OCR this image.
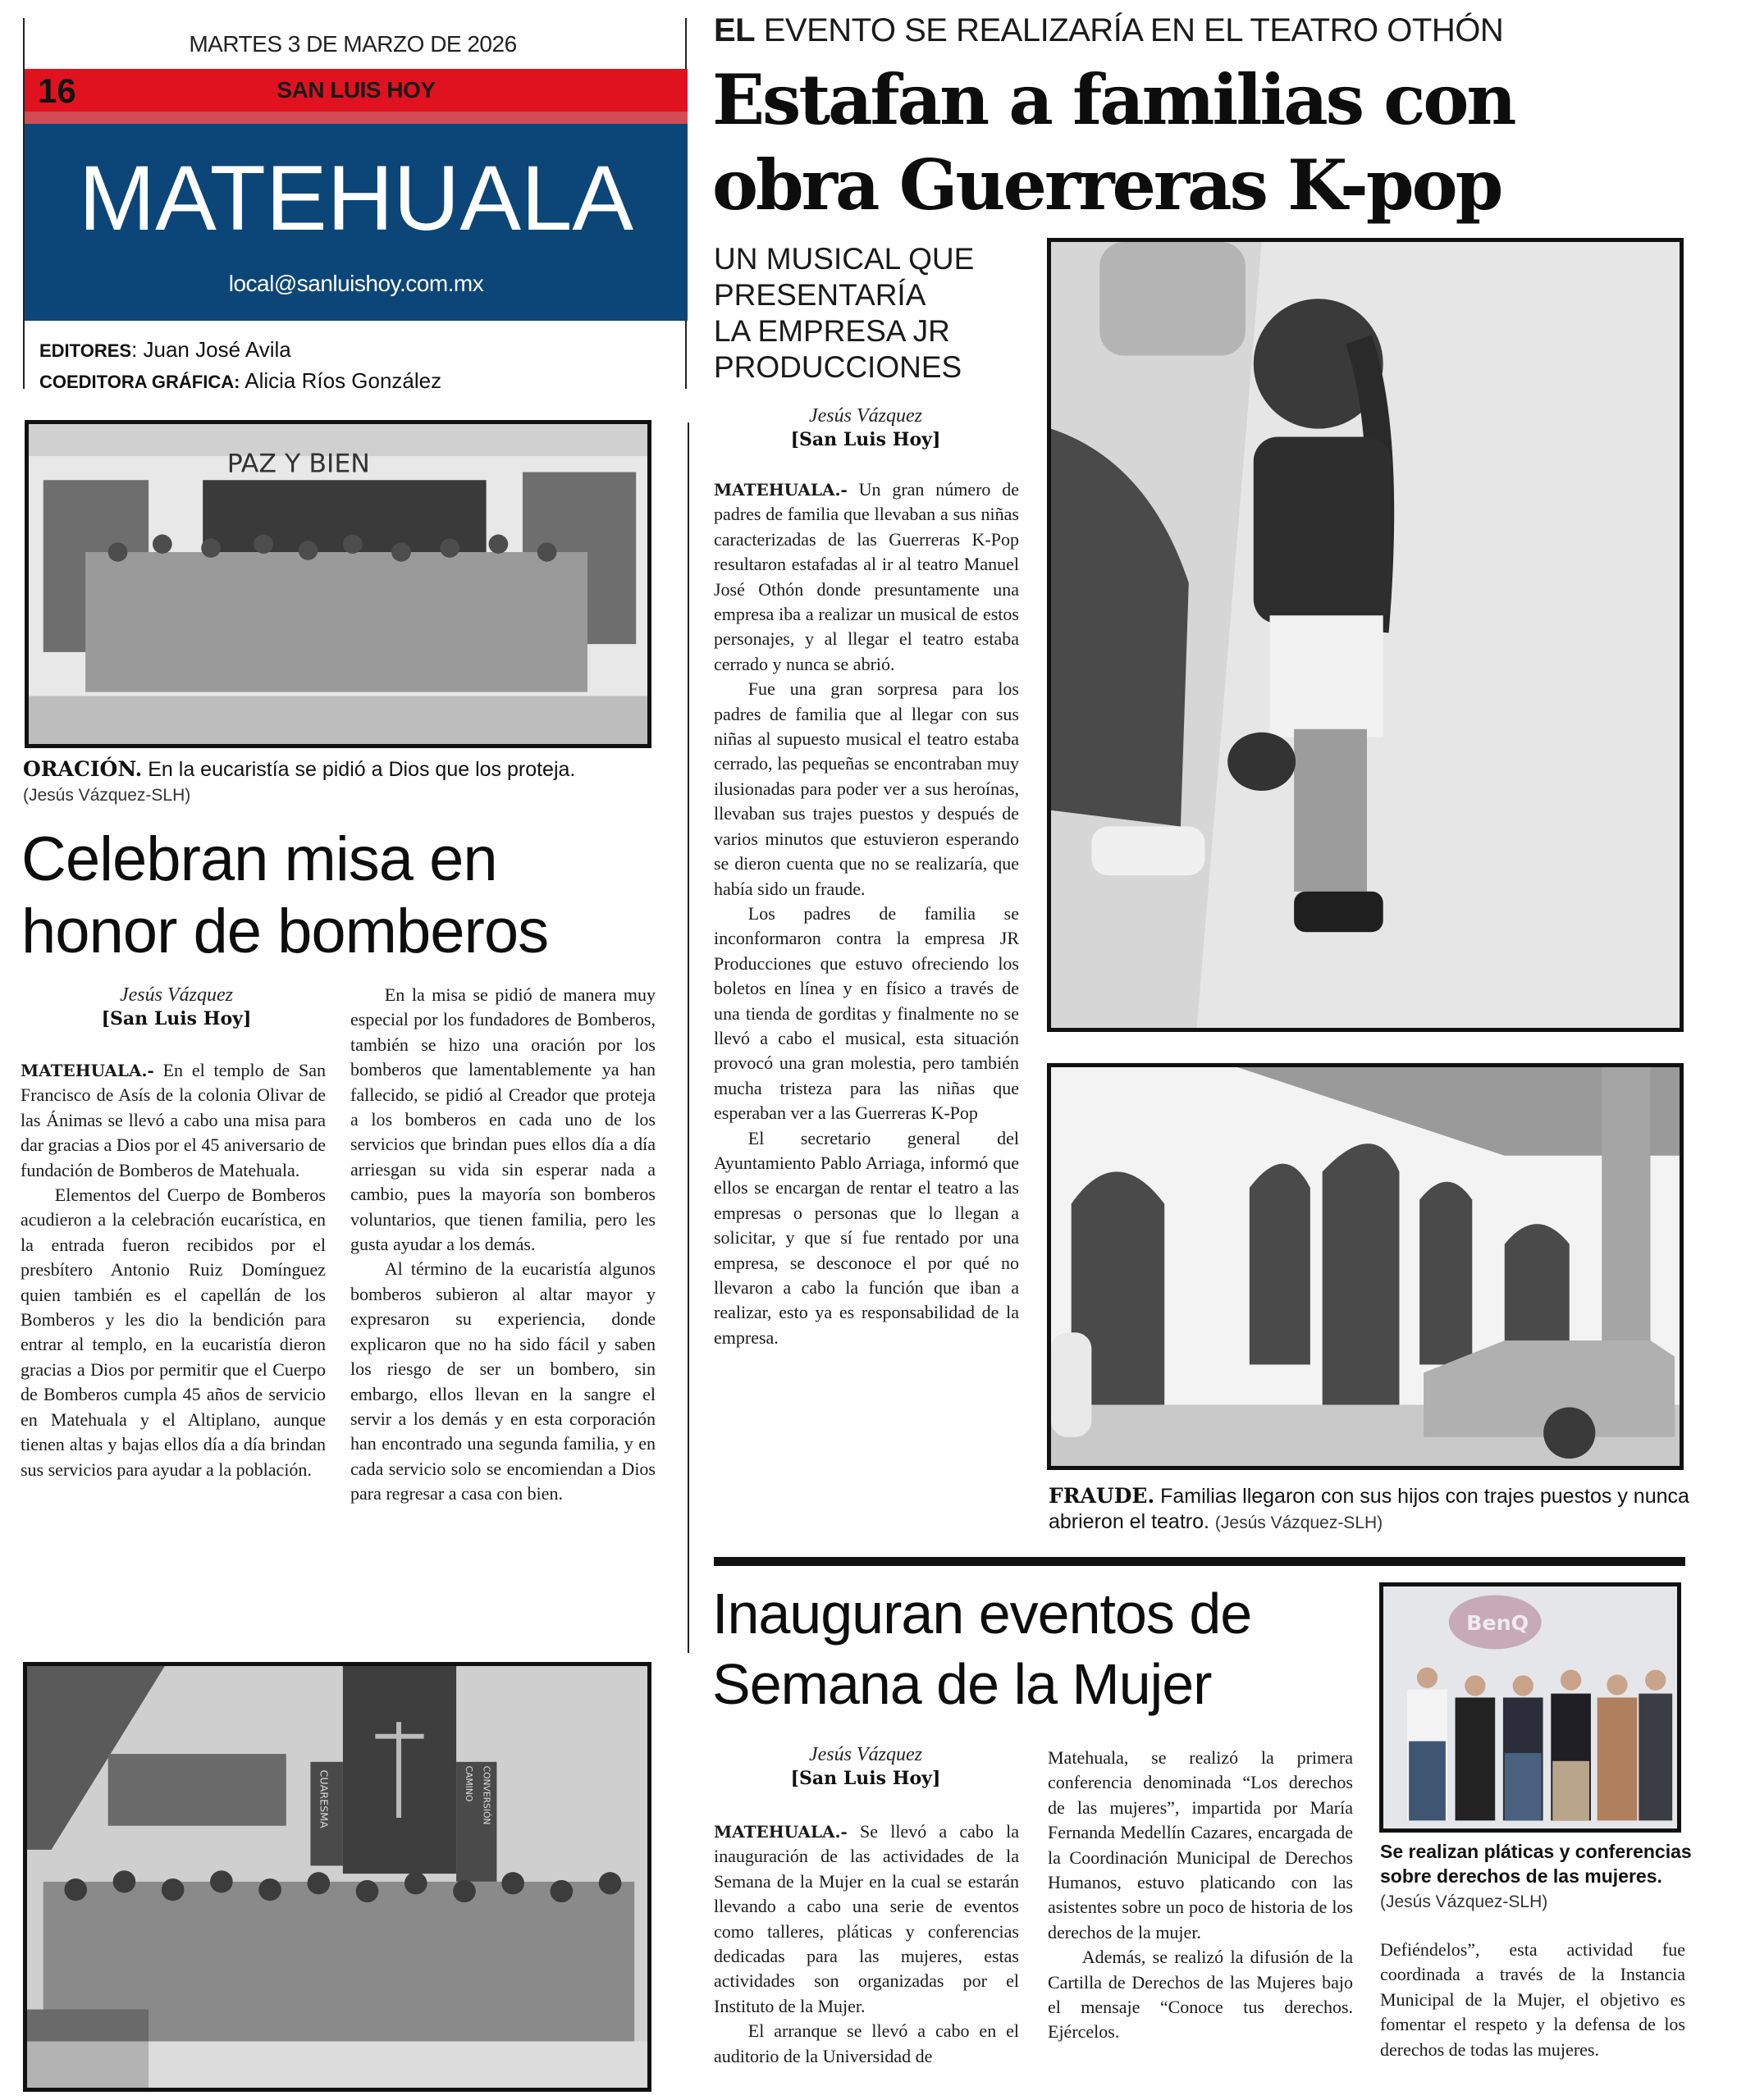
MARTES 3 DE MARZO DE 2026
16	SAN LUIS HOY
MATEHUALA
local@sanluishoy.com.mx
EDITORES: Juan José Avila
COEDITORA GRÁFICA: Alicia Ríos González
PAZ Y BIEN
ORACIÓN. En la eucaristía se pidió a Dios que los proteja.
(Jesús Vázquez-SLH)
Celebran misa en
honor de bomberos
Jesús Vázquez
[San Luis Hoy]

MATEHUALA.- En el templo de San Francisco de Asís de la colonia Olivar de las Ánimas se llevó a cabo una misa para dar gracias a Dios por el 45 aniversario de fundación de Bomberos de Matehuala.

Elementos del Cuerpo de Bomberos acudieron a la celebración eucarística, en la entrada fueron recibidos por el presbítero Antonio Ruiz Domínguez quien también es el capellán de los Bomberos y les dio la bendición para entrar al templo, en la eucaristía dieron gracias a Dios por permitir que el Cuerpo de Bomberos cumpla 45 años de servicio en Matehuala y el Altiplano, aunque tienen altas y bajas ellos día a día brindan sus servicios para ayudar a la población.

En la misa se pidió de manera muy especial por los fundadores de Bomberos, también se hizo una oración por los bomberos que lamentablemente ya han fallecido, se pidió al Creador que proteja a los bomberos en cada uno de los servicios que brindan pues ellos día a día arriesgan su vida sin esperar nada a cambio, pues la mayoría son bomberos voluntarios, que tienen familia, pero les gusta ayudar a los demás.

Al término de la eucaristía algunos bomberos subieron al altar mayor y expresaron su experiencia, donde explicaron que no ha sido fácil y saben los riesgo de ser un bombero, sin embargo, ellos llevan en la sangre el servir a los demás y en esta corporación han encontrado una segunda familia, y en cada servicio solo se encomiendan a Dios para regresar a casa con bien.

CUARESMA	CAMINO CONVERSIÓN
EL EVENTO SE REALIZARÍA EN EL TEATRO OTHÓN
Estafan a familias con
obra Guerreras K-pop
UN MUSICAL QUE
PRESENTARÍA
LA EMPRESA JR
PRODUCCIONES
Jesús Vázquez
[San Luis Hoy]

MATEHUALA.- Un gran número de padres de familia que llevaban a sus niñas caracterizadas de las Guerreras K-Pop resultaron estafadas al ir al teatro Manuel José Othón donde presuntamente una empresa iba a realizar un musical de estos personajes, y al llegar el teatro estaba cerrado y nunca se abrió.

Fue una gran sorpresa para los padres de familia que al llegar con sus niñas al supuesto musical el teatro estaba cerrado, las pequeñas se encontraban muy ilusionadas para poder ver a sus heroínas, llevaban sus trajes puestos y después de varios minutos que estuvieron esperando se dieron cuenta que no se realizaría, que había sido un fraude.

Los padres de familia se inconformaron contra la empresa JR Producciones que estuvo ofreciendo los boletos en línea y en físico a través de una tienda de gorditas y finalmente no se llevó a cabo el musical, esta situación provocó una gran molestia, pero también mucha tristeza para las niñas que esperaban ver a las Guerreras K-Pop

El secretario general del Ayuntamiento Pablo Arriaga, informó que ellos se encargan de rentar el teatro a las empresas o personas que lo llegan a solicitar, y que sí fue rentado por una empresa, se desconoce el por qué no llevaron a cabo la función que iban a realizar, esto ya es responsabilidad de la empresa.

FRAUDE. Familias llegaron con sus hijos con trajes puestos y nunca abrieron el teatro. (Jesús Vázquez-SLH)
Inauguran eventos de
Semana de la Mujer
Jesús Vázquez
[San Luis Hoy]

MATEHUALA.- Se llevó a cabo la inauguración de las actividades de la Semana de la Mujer en la cual se estarán llevando a cabo una serie de eventos como talleres, pláticas y conferencias dedicadas para las mujeres, estas actividades son organizadas por el Instituto de la Mujer.

El arranque se llevó a cabo en el auditorio de la Universidad de

Matehuala, se realizó la primera conferencia denominada “Los derechos de las mujeres”, impartida por María Fernanda Medellín Cazares, encargada de la Coordinación Municipal de Derechos Humanos, estuvo platicando con las asistentes sobre un poco de historia de los derechos de la mujer.

Además, se realizó la difusión de la Cartilla de Derechos de las Mujeres bajo el mensaje “Conoce tus derechos. Ejércelos.

BenQ
Se realizan pláticas y conferencias sobre derechos de las mujeres. (Jesús Vázquez-SLH)

Defiéndelos”, esta actividad fue coordinada a través de la Instancia Municipal de la Mujer, el objetivo es fomentar el respeto y la defensa de los derechos de todas las mujeres.
